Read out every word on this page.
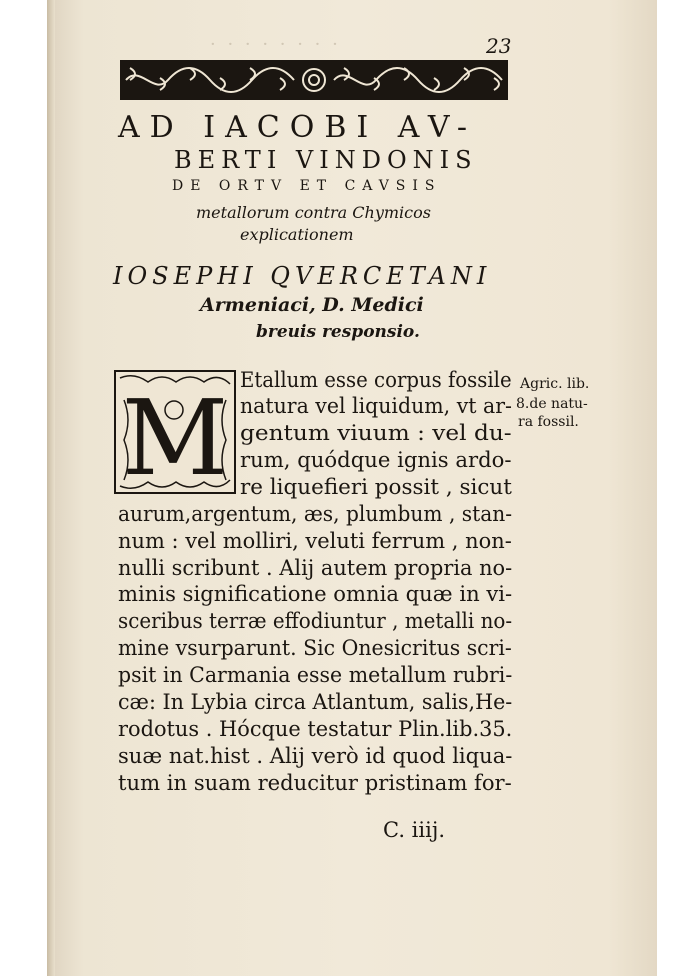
​· · · · · · · ·	23
AD IACOBI AV-
BERTI VINDONIS
DE ORTV ET CAVSIS
metallorum contra Chymicos
explicationem
IOSEPHI QVERCETANI
Armeniaci, D. Medici
breuis responsio.
M Etallum esse corpus fossile
natura vel liquidum, vt ar-
gentum viuum : vel du-
rum, quódque ignis ardo-
re liquefieri possit , sicut
aurum,argentum, æs, plumbum , stan-
num : vel molliri, veluti ferrum , non-
nulli scribunt . Alij autem propria no-
minis significatione omnia quæ in vi-
sceribus terræ effodiuntur , metalli no-
mine vsurparunt. Sic Onesicritus scri-
psit in Carmania esse metallum rubri-
cæ: In Lybia circa Atlantum, salis,He-
rodotus . Hócque testatur Plin.lib.35.
suæ nat.hist . Alij verò id quod liqua-
tum in suam reducitur pristinam for-
Agric. lib.
8.de natu-
ra fossil.
C. iiij.
